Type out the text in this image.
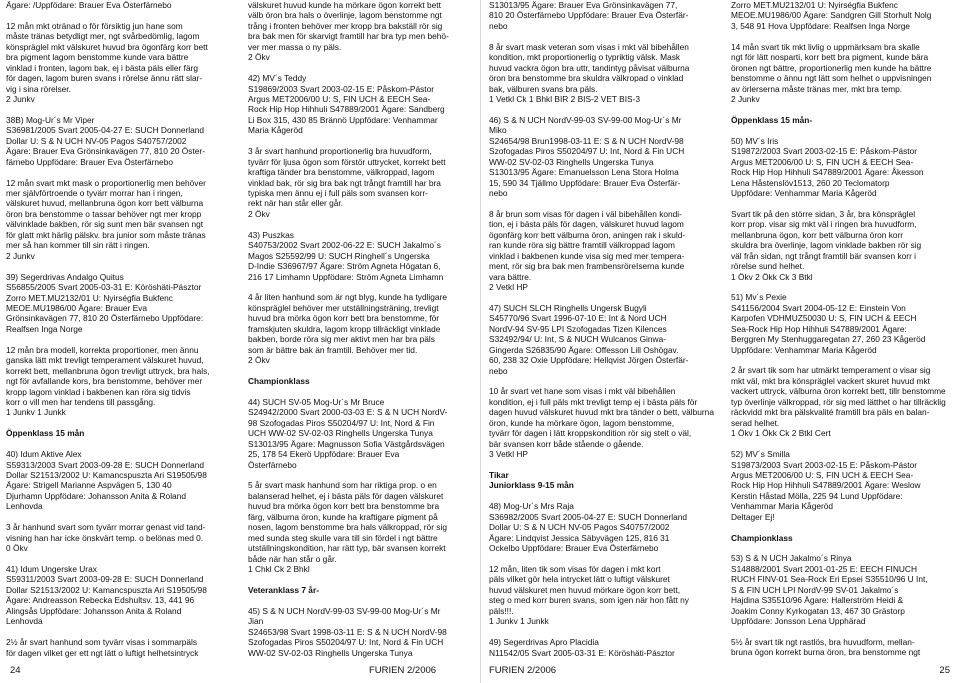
Ägare: /Uppfödare: Brauer Eva Österfärnebo

12 mån mkt otränad o för försiktig jun hane som
måste tränas betydligt mer, ngt svårbedömlig, lagom
könspräglel mkt välskuret huvud bra ögonfärg korr bett
bra pigment lagom benstomme kunde vara bättre
vinklad i fronten, lagom bak, ej i bästa päls eller färg
för dagen, lagom buren svans i rörelse ännu rätt slar-
vig i sina rörelser.
2 Junkv

38B) Mog-Ur´s Mr Viper
S36981/2005 Svart 2005-04-27 E: SUCH Donnerland
Dollar U: S & N UCH NV-05 Pagos S40757/2002
Ägare: Brauer Eva Grönsinkavägen 77, 810 20 Öster-
färnebo Uppfödare: Brauer Eva Österfärnebo

12 mån svart mkt mask o proportionerlig men behöver
mer självförtroende o tyvärr morrar han i ringen,
välskuret huvud, mellanbruna ögon korr bett välburna
öron bra benstomme o tassar behöver ngt mer kropp
välvinklade bakben, rör sig sunt men bär svansen ngt
för glatt mkt härlig pälskv. bra junior som måste tränas
mer så han kommer till sin rätt i ringen.
2 Junkv

39) Segerdrivas Andalgo Quitus
S56855/2005 Svart 2005-03-31 E: Köröshäti-Pásztor
Zorro MET.MU2132/01 U: Nyirségfia Bukfenc
MEOE.MU1986/00 Ägare: Brauer Eva
Grönsinkavägen 77, 810 20 Österfärnebo Uppfödare:
Realfsen Inga Norge

12 mån bra modell, korrekta proportioner, men ännu
ganska lätt mkt trevligt temperament välskuret huvud,
korrekt bett, mellanbruna ögon trevligt uttryck, bra hals,
ngt för avfallande kors, bra benstomme, behöver mer
kropp lagom vinklad i bakbenen kan röra sig tidvis
korr o vill men har tendens till passgång.
1 Junkv 1 Junkk

Öppenklass 15 mån

40) Idum Aktive Alex
S59313/2003 Svart 2003-09-28 E: SUCH Donnerland
Dollar S21513/2002 U: Kamancspuszta Ari S19505/98
Ägare: Strigell Marianne Aspvägen 5, 130 40
Djurhamn Uppfödare: Johansson Anita & Roland
Lenhovda

3 år hanhund svart som tyvärr morrar genast vid tand-
visning han har icke önskvärt temp. o belönas med 0.
0 Ökv

41) Idum Ungerske Urax
S59311/2003 Svart 2003-09-28 E: SUCH Donnerland
Dollar S21513/2002 U: Kamancspuszta Ari S19505/98
Ägare: Andreasson Rebecka Edshultsv. 13, 441 96
Alingsås Uppfödare: Johansson Anita & Roland
Lenhovda

2½ år svart hanhund som tyvärr visas i sommarpäls
för dagen vilket ger ett ngt lätt o luftigt helhetsintryck

välskuret huvud kunde ha mörkare ögon korrekt bett
välb öron bra hals o överlinje, lagom benstomme ngt
trång i fronten behöver mer kropp bra bakställ rör sig
bra bak men för skarvigt framtill har bra typ men behö-
ver mer massa o ny päls.
2 Ökv

42) MV´s Teddy
S19869/2003 Svart 2003-02-15 E: Påskom-Pástor
Argus MET2006/00 U: S, FIN UCH & EECH Sea-
Rock Hip Hop Hihhuli S47889/2001 Ägare: Sandberg
Li Box 315, 430 85 Brännö Uppfödare: Venhammar
Maria Kågeröd

3 år svart hanhund proportionerlig bra huvudform,
tyvärr för ljusa ögon som förstör uttrycket, korrekt bett
kraftiga tänder bra benstomme, välkroppad, lagom
vinklad bak, rör sig bra bak ngt trångt framtill har bra
typiska men ännu ej i full päls som svansen korr-
rekt när han står eller går.
2 Ökv

43) Puszkas
S40753/2002 Svart 2002-06-22 E: SUCH Jakalmo´s
Magos S25592/99 U: SUCH Ringhell´s Ungerska
D-Indie S36967/97 Ägare: Ström Agneta Högatan 6,
216 17 Limhamn Uppfödare: Ström Agneta Limhamn

4 år liten hanhund som är ngt blyg, kunde ha tydligare
könspräglel behöver mer utställningsträning, trevligt
huvud bra mörka ögon korr bett bra benstomme, för
framskjuten skuldra, lagom kropp tillräckligt vinklade
bakben, borde röra sig mer aktivt men har bra päls
som är bättre bak än framtill. Behöver mer tid.
2 Ökv

Championklass

44) SUCH SV-05 Mog-Ur´s Mr Bruce
S24942/2000 Svart 2000-03-03 E: S & N UCH NordV-
98 Szofogadas Piros S50204/97 U: Int, Nord & Fin
UCH WW-02 SV-02-03 Ringhells Ungerska Tunya
S13013/95 Ägare: Magnusson Sofia Västgårdsvägen
25, 178 54 Ekerö Uppfödare: Brauer Eva
Österfärnebo

5 år svart mask hanhund som har riktiga prop. o en
balanserad helhet, ej i bästa päls för dagen välskuret
huvud bra mörka ögon korr bett bra benstomme bra
färg, välburna öron, kunde ha kraftigare pigment på
nosen, lagom benstomme bra hals välkroppad, rör sig
med sunda steg skulle vara till sin fördel i ngt bättre
utställningskondition, har rätt typ, bär svansen korrekt
både när han står o går.
1 Chkl Ck 2 Bhkl

Veteranklass 7 år-

45) S & N UCH NordV-99-03 SV-99-00 Mog-Ur´s Mr
Jian
S24653/98 Svart 1998-03-11 E: S & N UCH NordV-98
Szofogadas Piros S50204/97 U: Int, Nord & Fin UCH
WW-02 SV-02-03 Ringhells Ungerska Tunya

S13013/95 Ägare: Brauer Eva Grönsinkavägen 77,
810 20 Österfärnebo Uppfödare: Brauer Eva Österfär-
nebo

8 år svart mask veteran som visas i mkt väl bibehållen
kondition, mkt proportionerlig o typriktig välsk. Mask
huvud vackra ögon bra uttr, tandintyg påvisat välburna
öron bra benstomme bra skuldra välkropad o vinklad
bak, välburen svans bra päls.
1 Vetkl Ck 1 Bhkl BIR 2 BIS-2 VET BIS-3

46) S & N UCH NordV-99-03 SV-99-00 Mog-Ur´s Mr
Miko
S24654/98 Brun1998-03-11 E: S & N UCH NordV-98
Szofogadas Piros S50204/97 U: Int, Nord & Fin UCH
WW-02 SV-02-03 Ringhells Ungerska Tunya
S13013/95 Ägare: Emanuelsson Lena Stora Holma
15, 590 34 Tjällmo Uppfödare: Brauer Eva Österfär-
nebo

8 år brun som visas för dagen i väl bibehållen kondi-
tion, ej i bästa päls för dagen, välskuret huvud lagom
ögonfärg korr bett välburna öron, aningen rak i skuld-
ran kunde röra sig bättre framtill välkroppad lagom
vinklad i bakbenen kunde visa sig med mer tempera-
ment, rör sig bra bak men frambensröreIserna kunde
vara bättre.
2 Vetkl HP

47) SUCH SLCH Ringhells Ungersk Bugyli
S45770/96 Svart 1996-07-10 E: Int & Nord UCH
NordV-94 SV-95 LPI Szofogadas Tizen Kilences
S32492/94/ U: Int, S & NUCH Wulcanos Ginwa-
Gingerda S26835/90 Ägare: Offesson Lill Oshögav.
60, 238 32 Oxie Uppfödare: Hellqvist Jörgen Österfär-
nebo

10 år svart vet hane som visas i mkt väl bibehållen
kondition, ej i full päls mkt trevligt temp ej i bästa päls för
dagen huvud välskuret huvud mkt bra tänder o bett, välburna
öron, kunde ha mörkare ögon, lagom benstomme,
tyvärr för dagen i lätt kroppskondition rör sig stelt o väl,
bär svansen korr både stående o gående.
3 Vetkl HP

Tikar
Juniorklass 9-15 mån

48) Mog-Ur´s Mrs Raja
S36982/2005 Svart 2005-04-27 E: SUCH Donnerland
Dollar U: S & N UCH NV-05 Pagos S40757/2002
Ägare: Lindqvist Jessica Säbyvägen 125, 816 31
Ockelbo Uppfödare: Brauer Eva Österfärnebo

12 mån, liten tik som visas för dagen i mkt kort
päls vilket gör hela intrycket lätt o luftigt välskuret
huvud välskuret men huvud mörkare ögon korr bett,
steg o med korr buren svans, som igen när hon fått ny
päls!!!.
1 Junkv 1 Junkk

49) Segerdrivas Apro Placidia
N11542/05 Svart 2005-03-31 E: Köröshäti-Pásztor

Zorro MET.MU2132/01 U: Nyirségfia Bukfenc
MEOE.MU1986/00 Ägare: Sandgren Gill Storhult Nolg
3, 548 91 Hova Uppfödare: Realfsen Inga Norge

14 mån svart tik mkt livlig o uppmärksam bra skalle
ngt för lätt nosparti, korr bett bra pigment, kunde bära
öronen ngt bättre, proportionerlig men kunde ha bättre
benstomme o ännu ngt lätt som helhet o uppvisningen
av örlerserna måste tränas mer, mkt bra temp.
2 Junkv

Öppenklass 15 mån-

50) MV´s Iris
S19872/2003 Svart 2003-02-15 E: Påskom-Pástor
Argus MET2006/00 U: S, FIN UCH & EECH Sea-
Rock Hip Hop Hihhuli S47889/2001 Ägare: Åkesson
Lena Håstenslöv1513, 260 20 Teclomatorp
Uppfödare: Venhammar Maria Kågeröd

Svart tik på den större sidan, 3 år, bra könspräglel
korr prop. visar sig mkt väl i ringen bra huvudform,
mellanbruna ögon, korr bett välburna öron korr
skuldra bra överlinje, lagom vinklade bakben rör sig
väl från sidan, ngt trångt framtill bär svansen korr i
rörelse sund helhet.
1 Ökv 2 Ökk Ck 3 Btkl

51) Mv´s Pexie
S41156/2004 Svart 2004-05-12 E: Einstein Von
Karpofen VDHMUZ50030 U: S, FIN UCH & EECH
Sea-Rock Hip Hop Hihhuli S47889/2001 Ägare:
Berggren My Stenhuggaregatan 27, 260 23 Kågeröd
Uppfödare: Venhammar Maria Kågeröd

2 år svart tik som har utmärkt temperament o visar sig
mkt väl, mkt bra könspräglel vackert skuret huvud mkt
vackert uttryck, välburna öron korrekt bett, tillr benstomme
typ överlinje välkroppad, rör sig med lätthet o har tillräcklig
räckvidd mkt bra pälskvalité framtill bra päls en balan-
serad helhet.
1 Ökv 1 Ökk Ck 2 Btkl Cert

52) MV´s Smilla
S19873/2003 Svart 2003-02-15 E: Påskom-Pástor
Argus MET2006/00 U: S, FIN UCH & EECH Sea-
Rock Hip Hop Hihhuli S47889/2001 Ägare: Weslow
Kerstin Håstad Mölla, 225 94 Lund Uppfödare:
Venhammar Maria Kågeröd
Deltager Ej!

Championklass

53) S & N UCH Jakalmo´s Rinya
S14888/2001 Svart 2001-01-25 E: EECH FINUCH
RUCH FINV-01 Sea-Rock Eri Epsei S35510/96 U Int,
S & FIN UCH LPI NordV-99 SV-01 Jakalmo´s
Hajdina S35510/96 Ägare: Hallerström Heidi &
Joakim Conny Kyrkogatan 13, 467 30 Grästorp
Uppfödare: Jonsson Lena Upphärad

5½ år svart tik ngt rastlös, bra huvudform, mellan-
bruna ögon korrekt burna öron, bra benstomme ngt

24	FURIEN 2/2006	FURIEN 2/2006	25
